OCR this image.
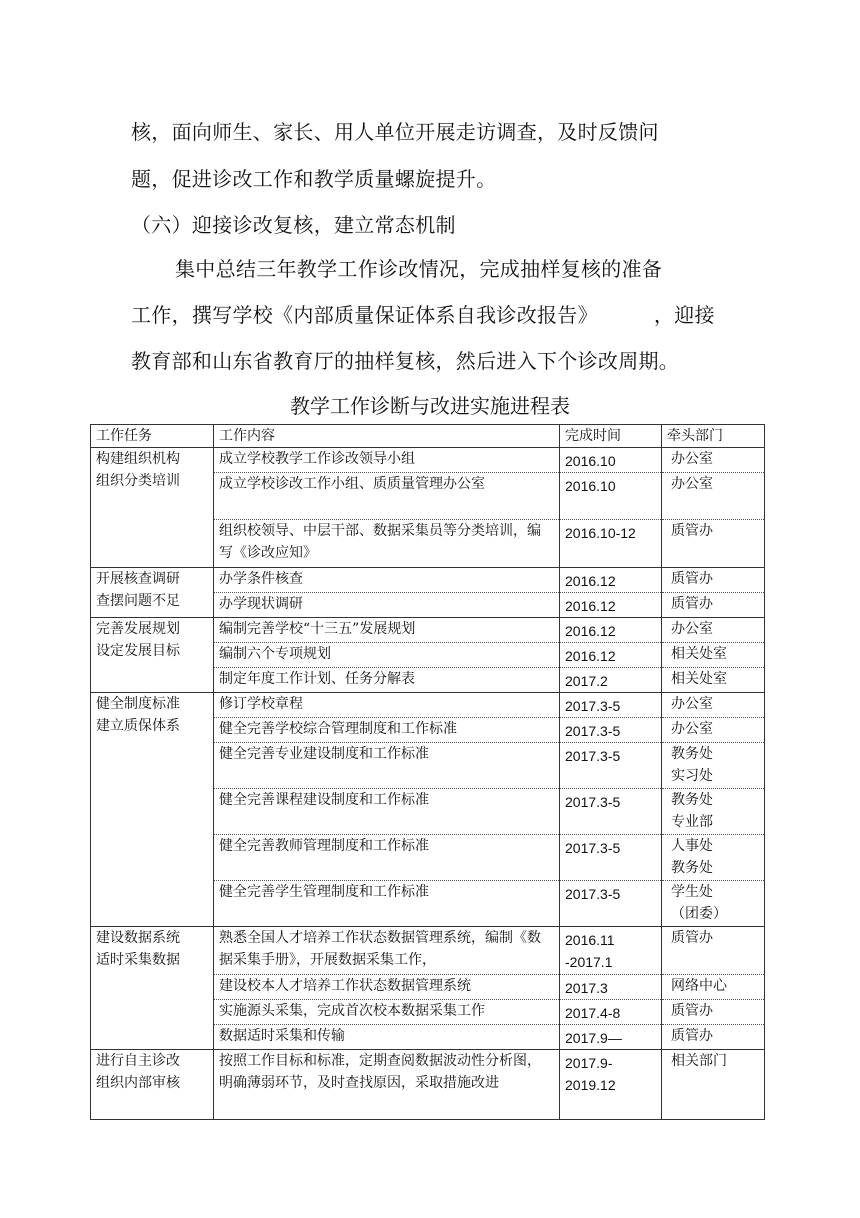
核，面向师生、家长、用人单位开展走访调查，及时反馈问

题，促进诊改工作和教学质量螺旋提升。

（六）迎接诊改复核，建立常态机制

集中总结三年教学工作诊改情况，完成抽样复核的准备

工作，撰写学校《内部质量保证体系自我诊改报告》	，迎接

教育部和山东省教育厅的抽样复核，然后进入下个诊改周期。

教学工作诊断与改进实施进程表

工作任务	工作内容	完成时间	牵头部门

构建组织机构
组织分类培训	成立学校教学工作诊改领导小组	2016.10	办公室
	成立学校诊改工作小组、质质量管理办公室	2016.10	办公室
	组织校领导、中层干部、数据采集员等分类培训，编写《诊改应知》	2016.10-12	质管办

开展核查调研
查摆问题不足	办学条件核查	2016.12	质管办
	办学现状调研	2016.12	质管办

完善发展规划
设定发展目标	编制完善学校“十三五”发展规划	2016.12	办公室
	编制六个专项规划	2016.12	相关处室
	制定年度工作计划、任务分解表	2017.2	相关处室

健全制度标准
建立质保体系	修订学校章程	2017.3-5	办公室
	健全完善学校综合管理制度和工作标准	2017.3-5	办公室
	健全完善专业建设制度和工作标准	2017.3-5	教务处
实习处

	健全完善课程建设制度和工作标准	2017.3-5	教务处
专业部

	健全完善教师管理制度和工作标准	2017.3-5	人事处
教务处

	健全完善学生管理制度和工作标准	2017.3-5	学生处
（团委）

建设数据系统
适时采集数据	熟悉全国人才培养工作状态数据管理系统，编制《数据采集手册》，开展数据采集工作，	2016.11
-2017.1	质管办
	建设校本人才培养工作状态数据管理系统	2017.3	网络中心
	实施源头采集，完成首次校本数据采集工作	2017.4-8	质管办
	数据适时采集和传输	2017.9—	质管办

进行自主诊改
组织内部审核	按照工作目标和标准，定期查阅数据波动性分析图，明确薄弱环节，及时查找原因，采取措施改进	2017.9-
2019.12	相关部门
